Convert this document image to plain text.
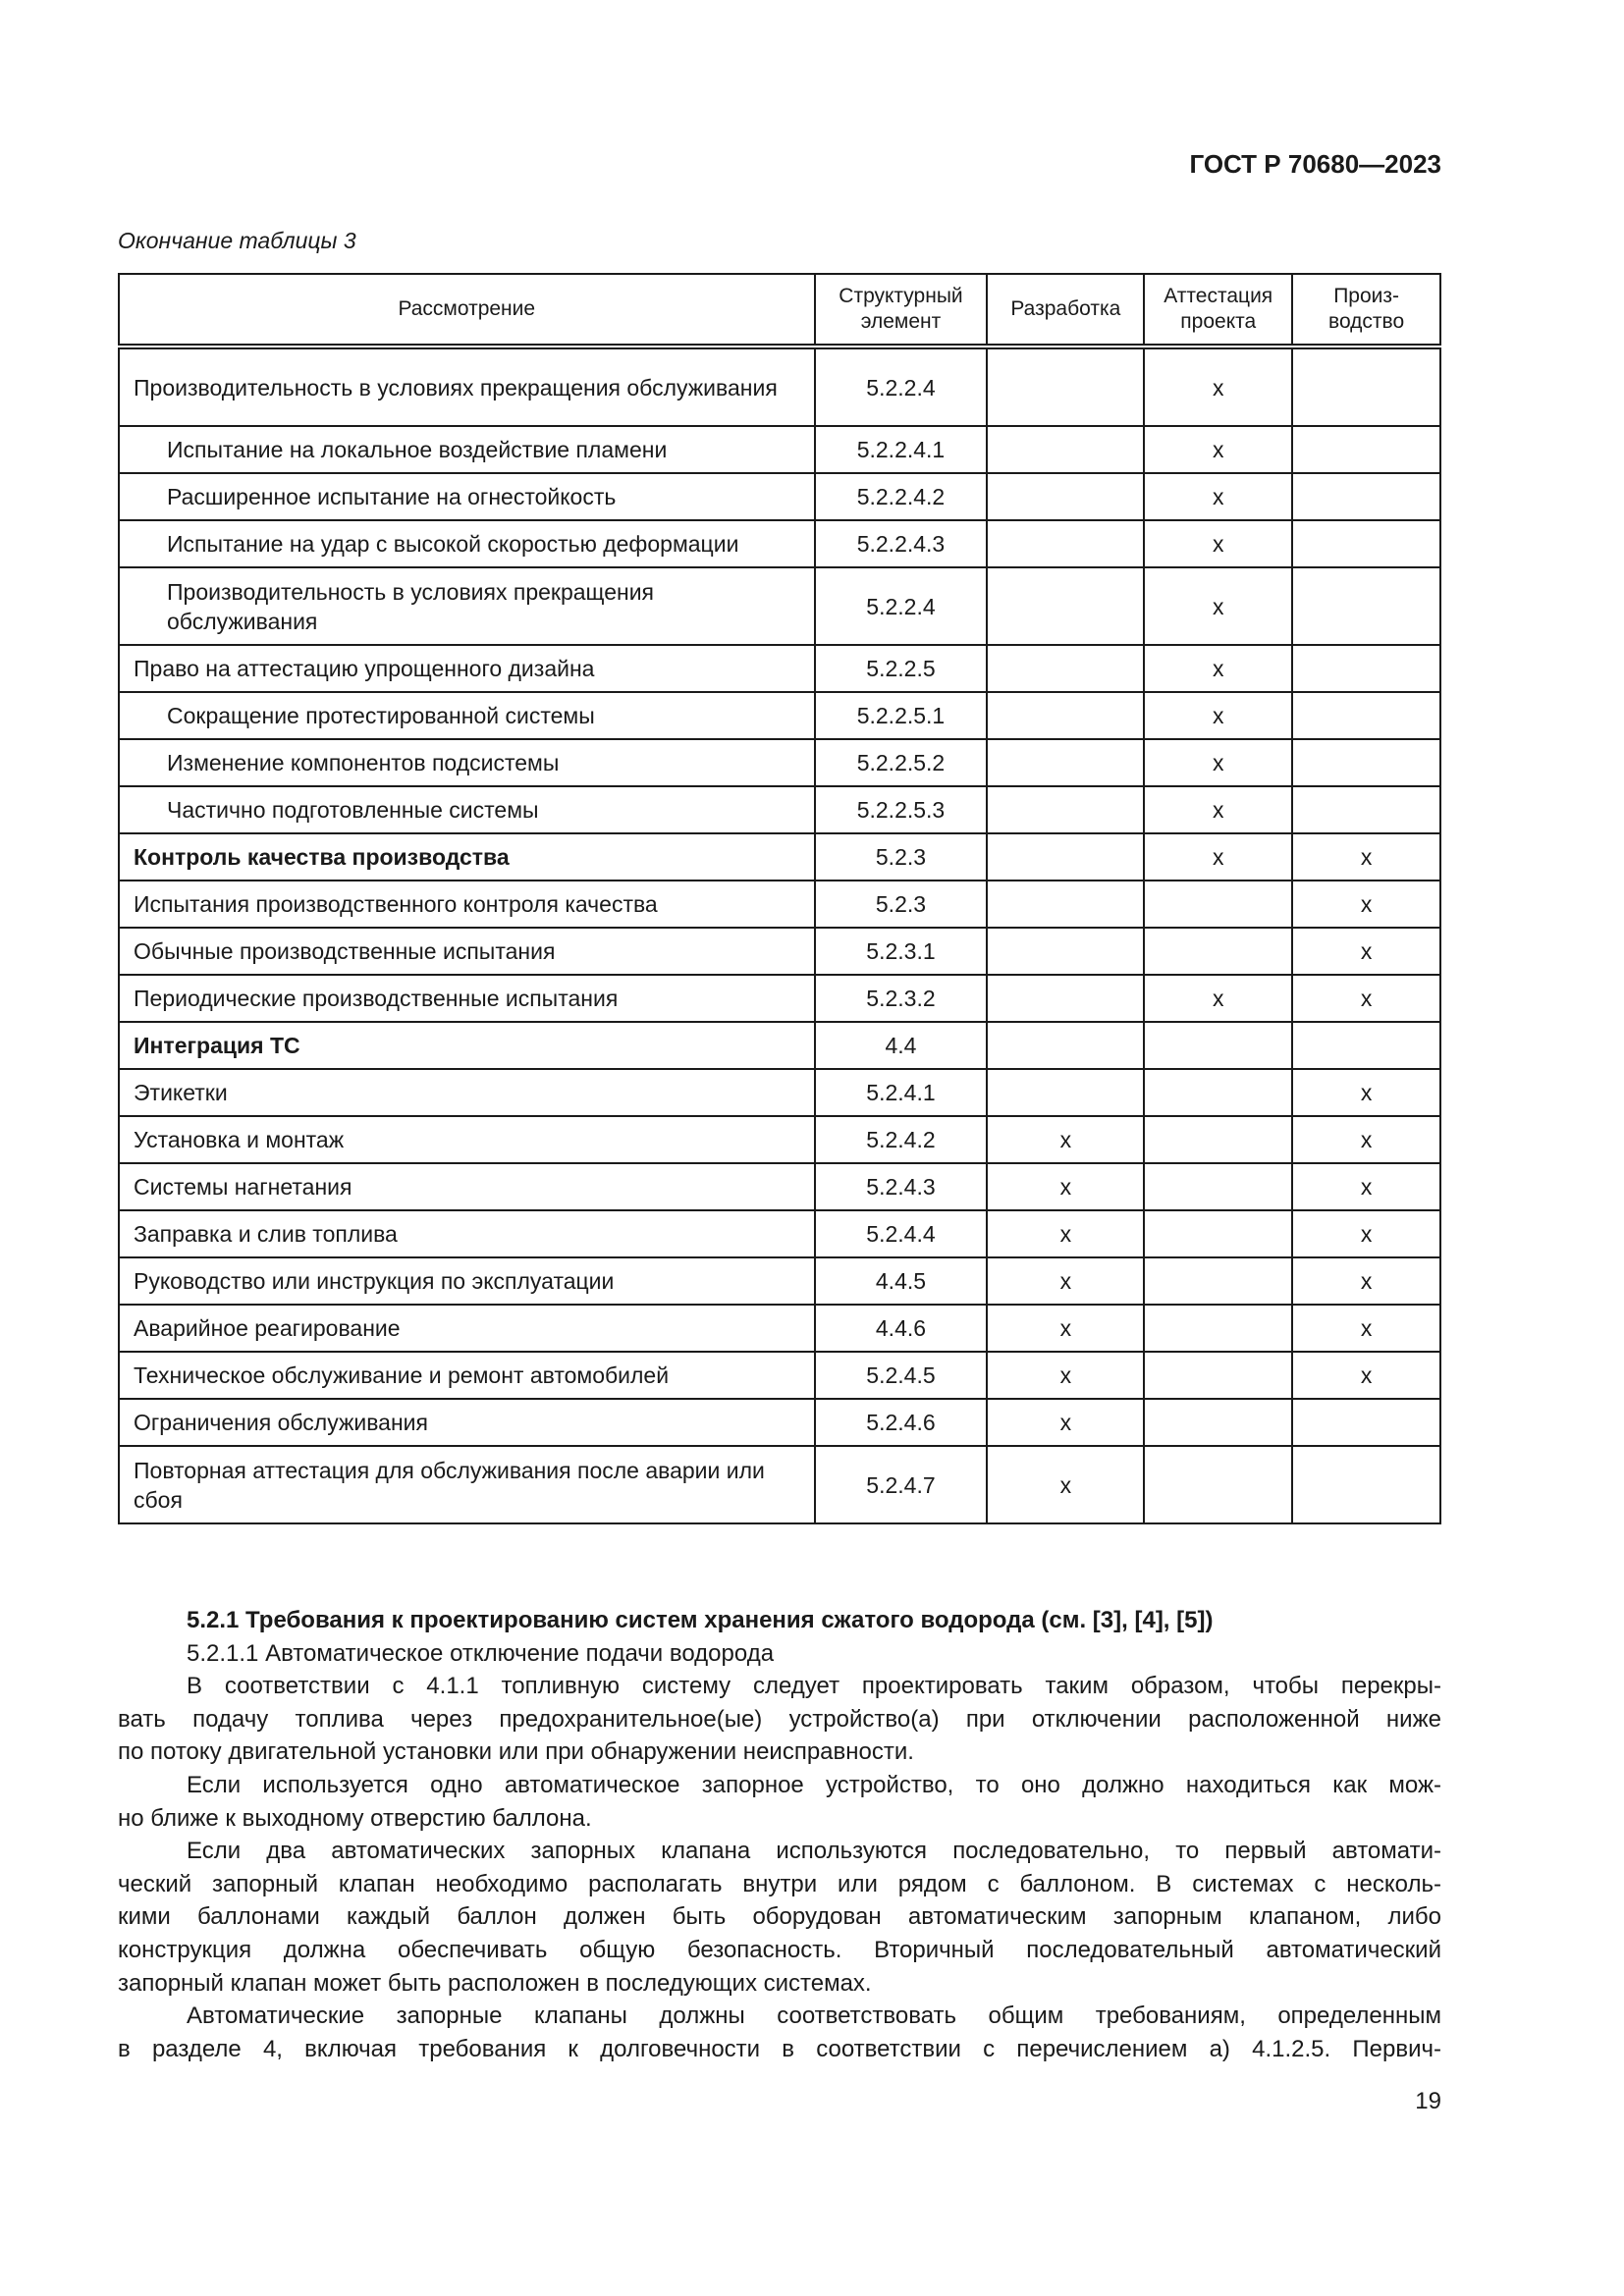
ГОСТ Р 70680—2023
Окончание таблицы 3
Рассмотрение	Структурный элемент	Разработка	Аттестация проекта	Произ-водство
Производительность в условиях прекращения обслуживания	5.2.2.4		x	
Испытание на локальное воздействие пламени	5.2.2.4.1		x	
Расширенное испытание на огнестойкость	5.2.2.4.2		x	
Испытание на удар с высокой скоростью деформации	5.2.2.4.3		x	
Производительность в условиях прекращения обслуживания	5.2.2.4		x	
Право на аттестацию упрощенного дизайна	5.2.2.5		x	
Сокращение протестированной системы	5.2.2.5.1		x	
Изменение компонентов подсистемы	5.2.2.5.2		x	
Частично подготовленные системы	5.2.2.5.3		x	
Контроль качества производства	5.2.3		x	x
Испытания производственного контроля качества	5.2.3			x
Обычные производственные испытания	5.2.3.1			x
Периодические производственные испытания	5.2.3.2		x	x
Интеграция ТС	4.4			
Этикетки	5.2.4.1			x
Установка и монтаж	5.2.4.2	x		x
Системы нагнетания	5.2.4.3	x		x
Заправка и слив топлива	5.2.4.4	x		x
Руководство или инструкция по эксплуатации	4.4.5	x		x
Аварийное реагирование	4.4.6	x		x
Техническое обслуживание и ремонт автомобилей	5.2.4.5	x		x
Ограничения обслуживания	5.2.4.6	x		
Повторная аттестация для обслуживания после аварии или сбоя	5.2.4.7	x		
5.2.1 Требования к проектированию систем хранения сжатого водорода (см. [3], [4], [5])
5.2.1.1 Автоматическое отключение подачи водорода
В соответствии с 4.1.1 топливную систему следует проектировать таким образом, чтобы перекры-
вать подачу топлива через предохранительное(ые) устройство(а) при отключении расположенной ниже
по потоку двигательной установки или при обнаружении неисправности.
Если используется одно автоматическое запорное устройство, то оно должно находиться как мож-
но ближе к выходному отверстию баллона.
Если два автоматических запорных клапана используются последовательно, то первый автомати-
ческий запорный клапан необходимо располагать внутри или рядом с баллоном. В системах с несколь-
кими баллонами каждый баллон должен быть оборудован автоматическим запорным клапаном, либо
конструкция должна обеспечивать общую безопасность. Вторичный последовательный автоматический
запорный клапан может быть расположен в последующих системах.
Автоматические запорные клапаны должны соответствовать общим требованиям, определенным
в разделе 4, включая требования к долговечности в соответствии с перечислением а) 4.1.2.5. Первич-
19
